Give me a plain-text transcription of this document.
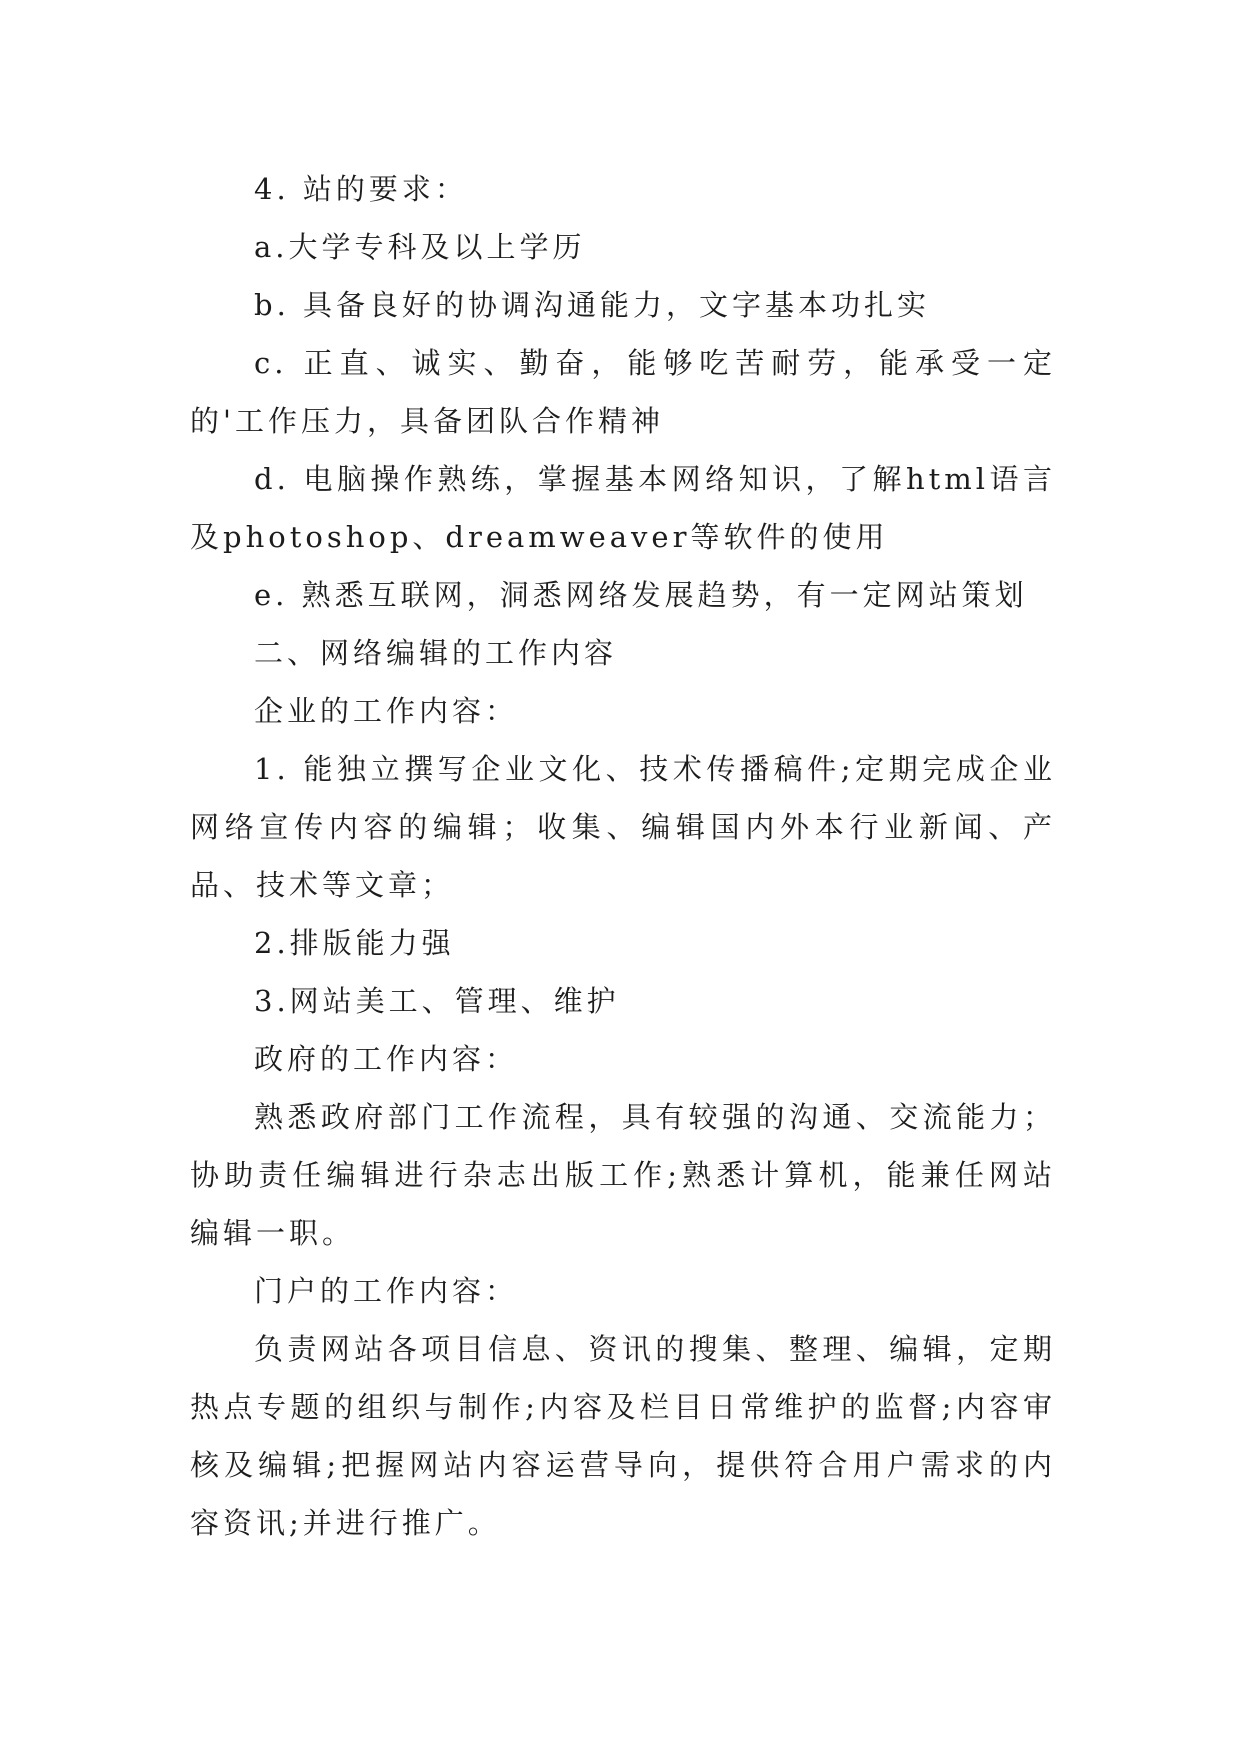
4. 站的要求：

a.大学专科及以上学历

b. 具备良好的协调沟通能力，文字基本功扎实

c. 正直、诚实、勤奋，能够吃苦耐劳，能承受一定的'工作压力，具备团队合作精神

d. 电脑操作熟练，掌握基本网络知识，了解html语言及photoshop、dreamweaver等软件的使用

e. 熟悉互联网，洞悉网络发展趋势，有一定网站策划

二、网络编辑的工作内容

企业的工作内容：

1. 能独立撰写企业文化、技术传播稿件;定期完成企业网络宣传内容的编辑；收集、编辑国内外本行业新闻、产品、技术等文章；

2.排版能力强

3.网站美工、管理、维护

政府的工作内容：

熟悉政府部门工作流程，具有较强的沟通、交流能力；协助责任编辑进行杂志出版工作;熟悉计算机，能兼任网站编辑一职。

门户的工作内容：

负责网站各项目信息、资讯的搜集、整理、编辑，定期热点专题的组织与制作;内容及栏目日常维护的监督;内容审核及编辑;把握网站内容运营导向，提供符合用户需求的内容资讯;并进行推广。
